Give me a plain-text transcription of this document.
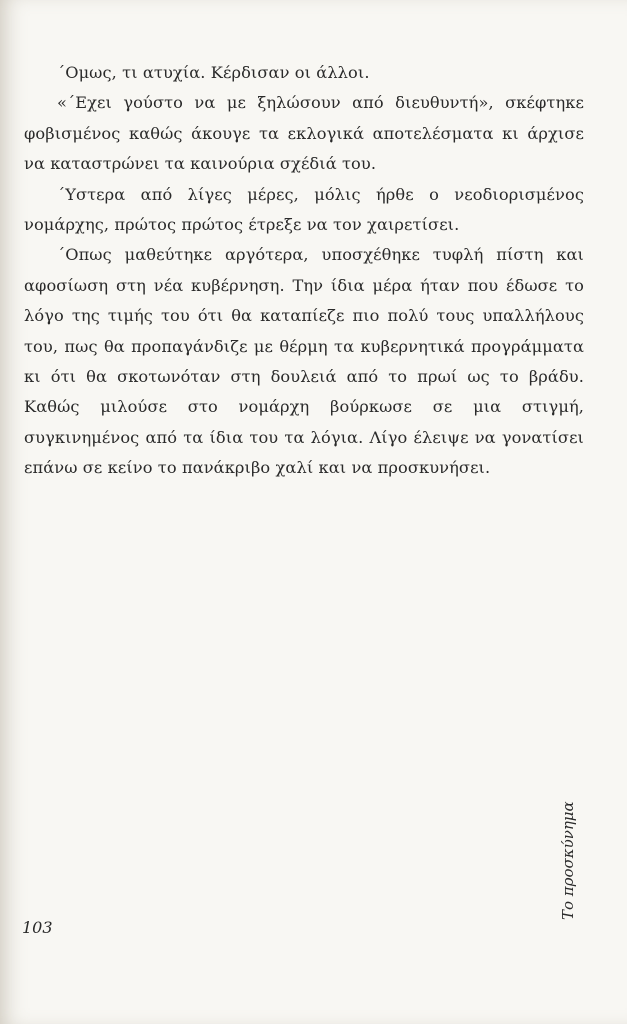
΄Ομως, τι ατυχία. Κέρδισαν οι άλλοι.

«΄Εχει γούστο να με ξηλώσουν από διευθυντή», σκέφτηκε φοβισμένος καθώς άκουγε τα εκλογικά αποτελέσματα κι άρχισε να καταστρώνει τα καινούρια σχέδιά του.

΄Υστερα από λίγες μέρες, μόλις ήρθε ο νεοδιορισμένος νομάρχης, πρώτος πρώτος έτρεξε να τον χαιρετίσει.

΄Οπως μαθεύτηκε αργότερα, υποσχέθηκε τυφλή πίστη και αφοσίωση στη νέα κυβέρνηση. Την ίδια μέρα ήταν που έδωσε το λόγο της τιμής του ότι θα καταπίεζε πιο πολύ τους υπαλλήλους του, πως θα προπαγάνδιζε με θέρμη τα κυβερνητικά προγράμματα κι ότι θα σκοτωνόταν στη δουλειά από το πρωί ως το βράδυ. Καθώς μιλούσε στο νομάρχη βούρκωσε σε μια στιγμή, συγκινημένος από τα ίδια του τα λόγια. Λίγο έλειψε να γονατίσει επάνω σε κείνο το πανάκριβο χαλί και να προσκυνήσει.

Το προσκύνημα
103
